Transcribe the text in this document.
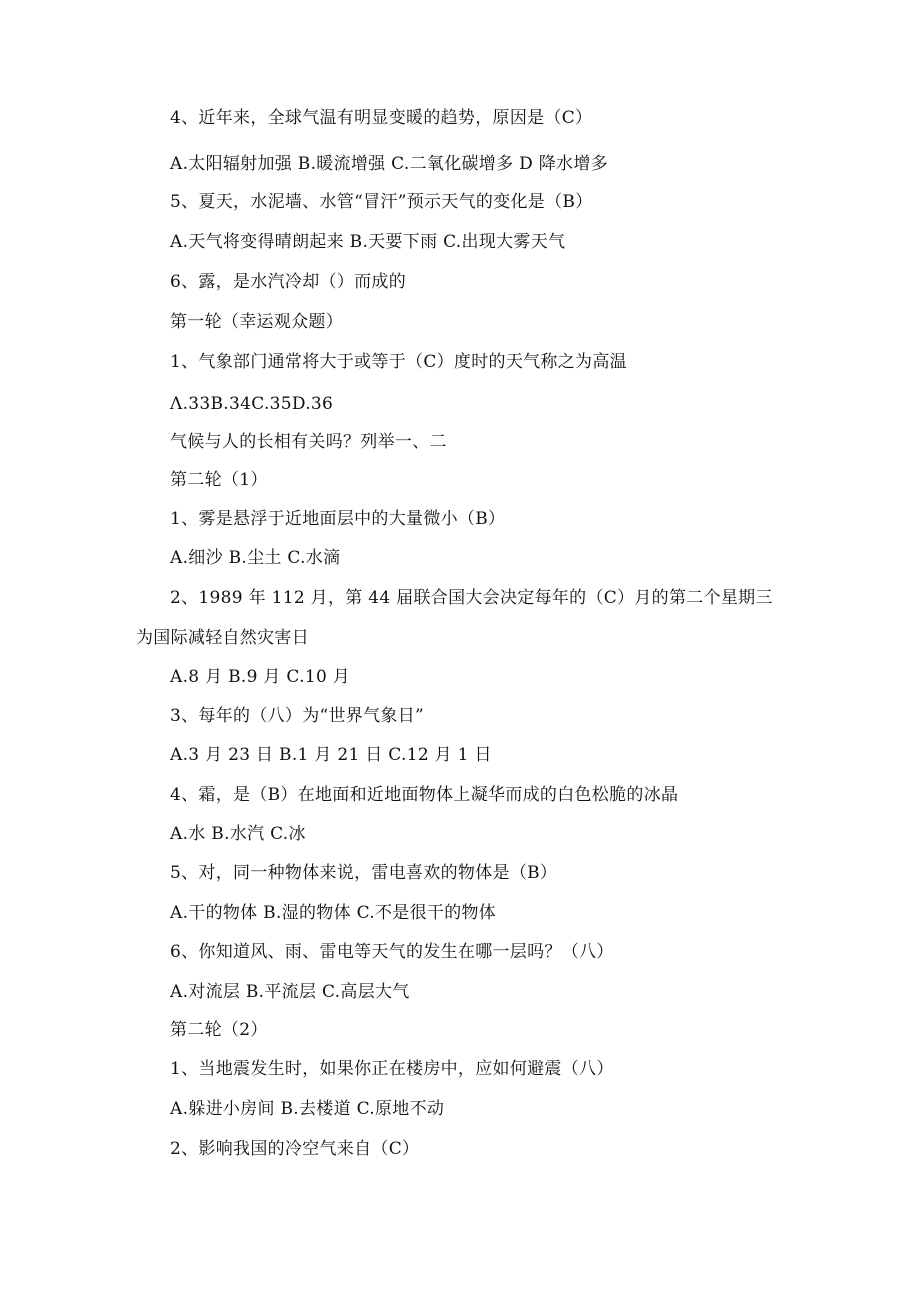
4、近年来，全球气温有明显变暖的趋势，原因是（C）
A.太阳辐射加强 B.暖流增强 C.二氧化碳增多 D 降水增多
5、夏天，水泥墙、水管“冒汗”预示天气的变化是（B）
A.天气将变得晴朗起来 B.天要下雨 C.出现大雾天气
6、露，是水汽冷却（）而成的
第一轮（幸运观众题）
1、气象部门通常将大于或等于（C）度时的天气称之为高温
Λ.33B.34C.35D.36
气候与人的长相有关吗？列举一、二
第二轮（1）
1、雾是悬浮于近地面层中的大量微小（B）
A.细沙 B.尘土 C.水滴
2、1989 年 112 月，第 44 届联合国大会决定每年的（C）月的第二个星期三
为国际减轻自然灾害日
A.8 月 B.9 月 C.10 月
3、每年的（八）为“世界气象日”
A.3 月 23 日 B.1 月 21 日 C.12 月 1 日
4、霜，是（B）在地面和近地面物体上凝华而成的白色松脆的冰晶
A.水 B.水汽 C.冰
5、对，同一种物体来说，雷电喜欢的物体是（B）
A.干的物体 B.湿的物体 C.不是很干的物体
6、你知道风、雨、雷电等天气的发生在哪一层吗？（八）
A.对流层 B.平流层 C.高层大气
第二轮（2）
1、当地震发生时，如果你正在楼房中，应如何避震（八）
A.躲进小房间 B.去楼道 C.原地不动
2、影响我国的冷空气来自（C）
